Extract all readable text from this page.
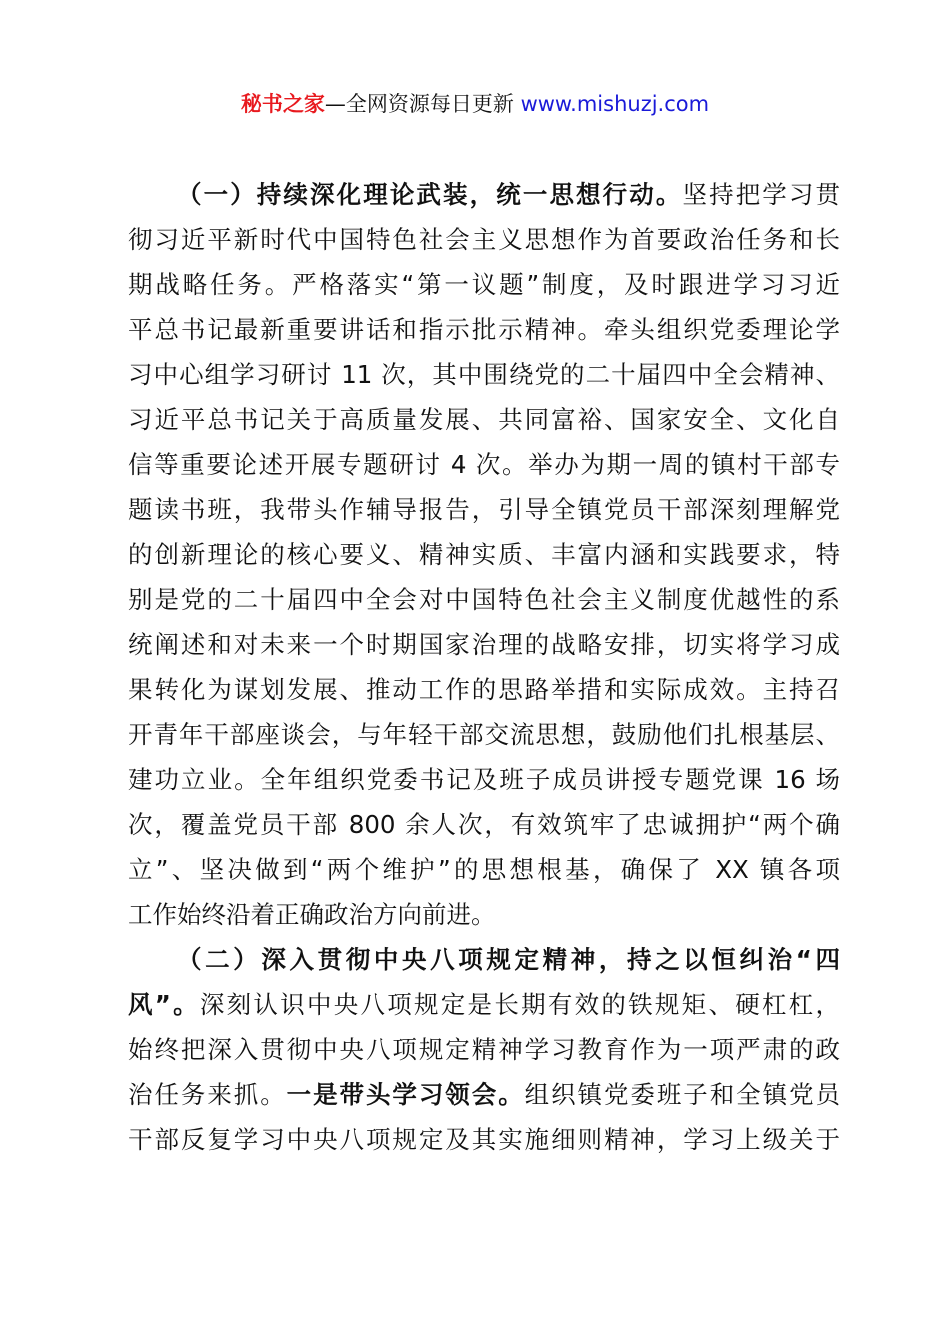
秘书之家—全网资源每日更新 www.mishuzj.com
（一）持续深化理论武装，统一思想行动。坚持把学习贯
彻习近平新时代中国特色社会主义思想作为首要政治任务和长
期战略任务。严格落实“第一议题”制度，及时跟进学习习近
平总书记最新重要讲话和指示批示精神。牵头组织党委理论学
习中心组学习研讨 11 次，其中围绕党的二十届四中全会精神、
习近平总书记关于高质量发展、共同富裕、国家安全、文化自
信等重要论述开展专题研讨 4 次。举办为期一周的镇村干部专
题读书班，我带头作辅导报告，引导全镇党员干部深刻理解党
的创新理论的核心要义、精神实质、丰富内涵和实践要求，特
别是党的二十届四中全会对中国特色社会主义制度优越性的系
统阐述和对未来一个时期国家治理的战略安排，切实将学习成
果转化为谋划发展、推动工作的思路举措和实际成效。主持召
开青年干部座谈会，与年轻干部交流思想，鼓励他们扎根基层、
建功立业。全年组织党委书记及班子成员讲授专题党课 16 场
次，覆盖党员干部 800 余人次，有效筑牢了忠诚拥护“两个确
立”、坚决做到“两个维护”的思想根基，确保了 XX 镇各项
工作始终沿着正确政治方向前进。
（二）深入贯彻中央八项规定精神，持之以恒纠治“四
风”。深刻认识中央八项规定是长期有效的铁规矩、硬杠杠，
始终把深入贯彻中央八项规定精神学习教育作为一项严肃的政
治任务来抓。一是带头学习领会。组织镇党委班子和全镇党员
干部反复学习中央八项规定及其实施细则精神，学习上级关于
